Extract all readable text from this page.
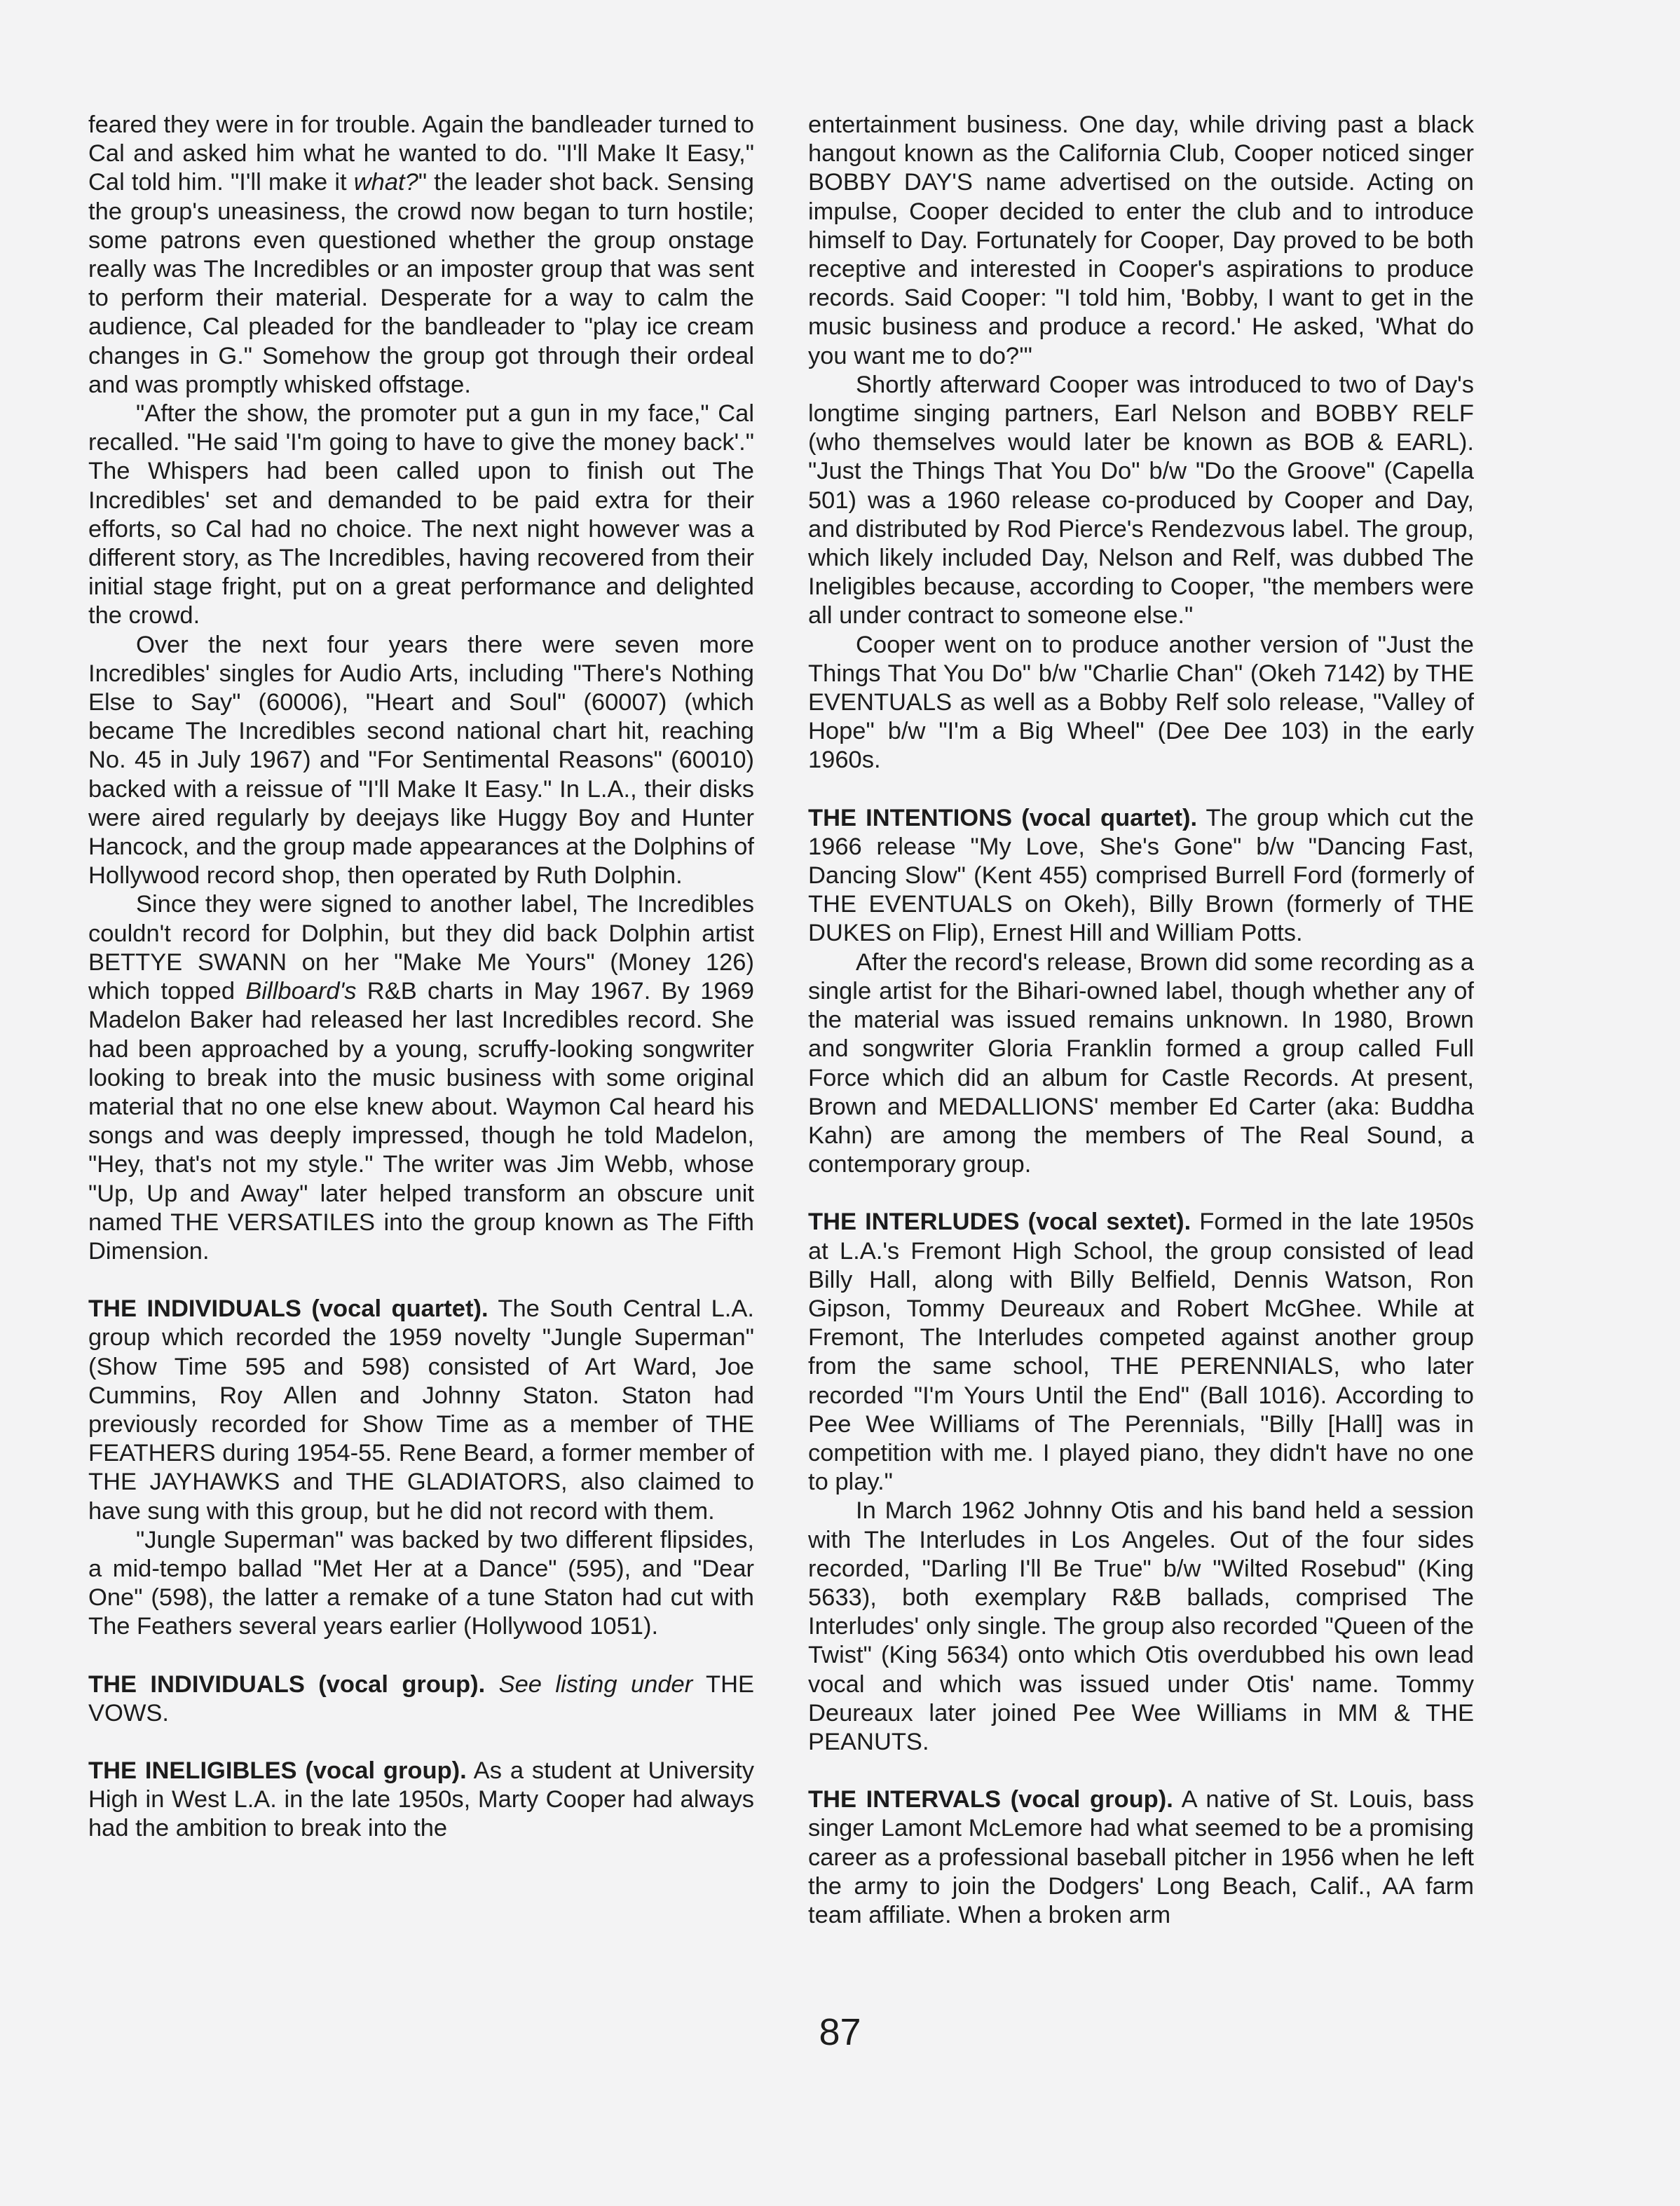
feared they were in for trouble. Again the bandleader turned to Cal and asked him what he wanted to do. "I'll Make It Easy," Cal told him. "I'll make it what?" the leader shot back. Sensing the group's uneasiness, the crowd now began to turn hostile; some patrons even questioned whether the group onstage really was The Incredibles or an imposter group that was sent to perform their material. Desperate for a way to calm the audience, Cal pleaded for the bandleader to "play ice cream changes in G." Somehow the group got through their ordeal and was promptly whisked offstage.

"After the show, the promoter put a gun in my face," Cal recalled. "He said 'I'm going to have to give the money back'." The Whispers had been called upon to finish out The Incredibles' set and demanded to be paid extra for their efforts, so Cal had no choice. The next night however was a different story, as The Incredibles, having recovered from their initial stage fright, put on a great performance and delighted the crowd.

Over the next four years there were seven more Incredibles' singles for Audio Arts, including "There's Nothing Else to Say" (60006), "Heart and Soul" (60007) (which became The Incredibles second national chart hit, reaching No. 45 in July 1967) and "For Sentimental Reasons" (60010) backed with a reissue of "I'll Make It Easy." In L.A., their disks were aired regularly by deejays like Huggy Boy and Hunter Hancock, and the group made appearances at the Dolphins of Hollywood record shop, then operated by Ruth Dolphin.

Since they were signed to another label, The Incredibles couldn't record for Dolphin, but they did back Dolphin artist BETTYE SWANN on her "Make Me Yours" (Money 126) which topped Billboard's R&B charts in May 1967. By 1969 Madelon Baker had released her last Incredibles record. She had been approached by a young, scruffy-looking songwriter looking to break into the music business with some original material that no one else knew about. Waymon Cal heard his songs and was deeply impressed, though he told Madelon, "Hey, that's not my style." The writer was Jim Webb, whose "Up, Up and Away" later helped transform an obscure unit named THE VERSATILES into the group known as The Fifth Dimension.

THE INDIVIDUALS (vocal quartet). The South Central L.A. group which recorded the 1959 novelty "Jungle Superman" (Show Time 595 and 598) consisted of Art Ward, Joe Cummins, Roy Allen and Johnny Staton. Staton had previously recorded for Show Time as a member of THE FEATHERS during 1954-55. Rene Beard, a former member of THE JAYHAWKS and THE GLADIATORS, also claimed to have sung with this group, but he did not record with them.

"Jungle Superman" was backed by two different flipsides, a mid-tempo ballad "Met Her at a Dance" (595), and "Dear One" (598), the latter a remake of a tune Staton had cut with The Feathers several years earlier (Hollywood 1051).

THE INDIVIDUALS (vocal group). See listing under THE VOWS.

THE INELIGIBLES (vocal group). As a student at University High in West L.A. in the late 1950s, Marty Cooper had always had the ambition to break into the

entertainment business. One day, while driving past a black hangout known as the California Club, Cooper noticed singer BOBBY DAY'S name advertised on the outside. Acting on impulse, Cooper decided to enter the club and to introduce himself to Day. Fortunately for Cooper, Day proved to be both receptive and interested in Cooper's aspirations to produce records. Said Cooper: "I told him, 'Bobby, I want to get in the music business and produce a record.' He asked, 'What do you want me to do?'"

Shortly afterward Cooper was introduced to two of Day's longtime singing partners, Earl Nelson and BOBBY RELF (who themselves would later be known as BOB & EARL). "Just the Things That You Do" b/w "Do the Groove" (Capella 501) was a 1960 release co-produced by Cooper and Day, and distributed by Rod Pierce's Rendezvous label. The group, which likely included Day, Nelson and Relf, was dubbed The Ineligibles because, according to Cooper, "the members were all under contract to someone else."

Cooper went on to produce another version of "Just the Things That You Do" b/w "Charlie Chan" (Okeh 7142) by THE EVENTUALS as well as a Bobby Relf solo release, "Valley of Hope" b/w "I'm a Big Wheel" (Dee Dee 103) in the early 1960s.

THE INTENTIONS (vocal quartet). The group which cut the 1966 release "My Love, She's Gone" b/w "Dancing Fast, Dancing Slow" (Kent 455) comprised Burrell Ford (formerly of THE EVENTUALS on Okeh), Billy Brown (formerly of THE DUKES on Flip), Ernest Hill and William Potts.

After the record's release, Brown did some recording as a single artist for the Bihari-owned label, though whether any of the material was issued remains unknown. In 1980, Brown and songwriter Gloria Franklin formed a group called Full Force which did an album for Castle Records. At present, Brown and MEDALLIONS' member Ed Carter (aka: Buddha Kahn) are among the members of The Real Sound, a contemporary group.

THE INTERLUDES (vocal sextet). Formed in the late 1950s at L.A.'s Fremont High School, the group consisted of lead Billy Hall, along with Billy Belfield, Dennis Watson, Ron Gipson, Tommy Deureaux and Robert McGhee. While at Fremont, The Interludes competed against another group from the same school, THE PERENNIALS, who later recorded "I'm Yours Until the End" (Ball 1016). According to Pee Wee Williams of The Perennials, "Billy [Hall] was in competition with me. I played piano, they didn't have no one to play."

In March 1962 Johnny Otis and his band held a session with The Interludes in Los Angeles. Out of the four sides recorded, "Darling I'll Be True" b/w "Wilted Rosebud" (King 5633), both exemplary R&B ballads, comprised The Interludes' only single. The group also recorded "Queen of the Twist" (King 5634) onto which Otis overdubbed his own lead vocal and which was issued under Otis' name. Tommy Deureaux later joined Pee Wee Williams in MM & THE PEANUTS.

THE INTERVALS (vocal group). A native of St. Louis, bass singer Lamont McLemore had what seemed to be a promising career as a professional baseball pitcher in 1956 when he left the army to join the Dodgers' Long Beach, Calif., AA farm team affiliate. When a broken arm

87
